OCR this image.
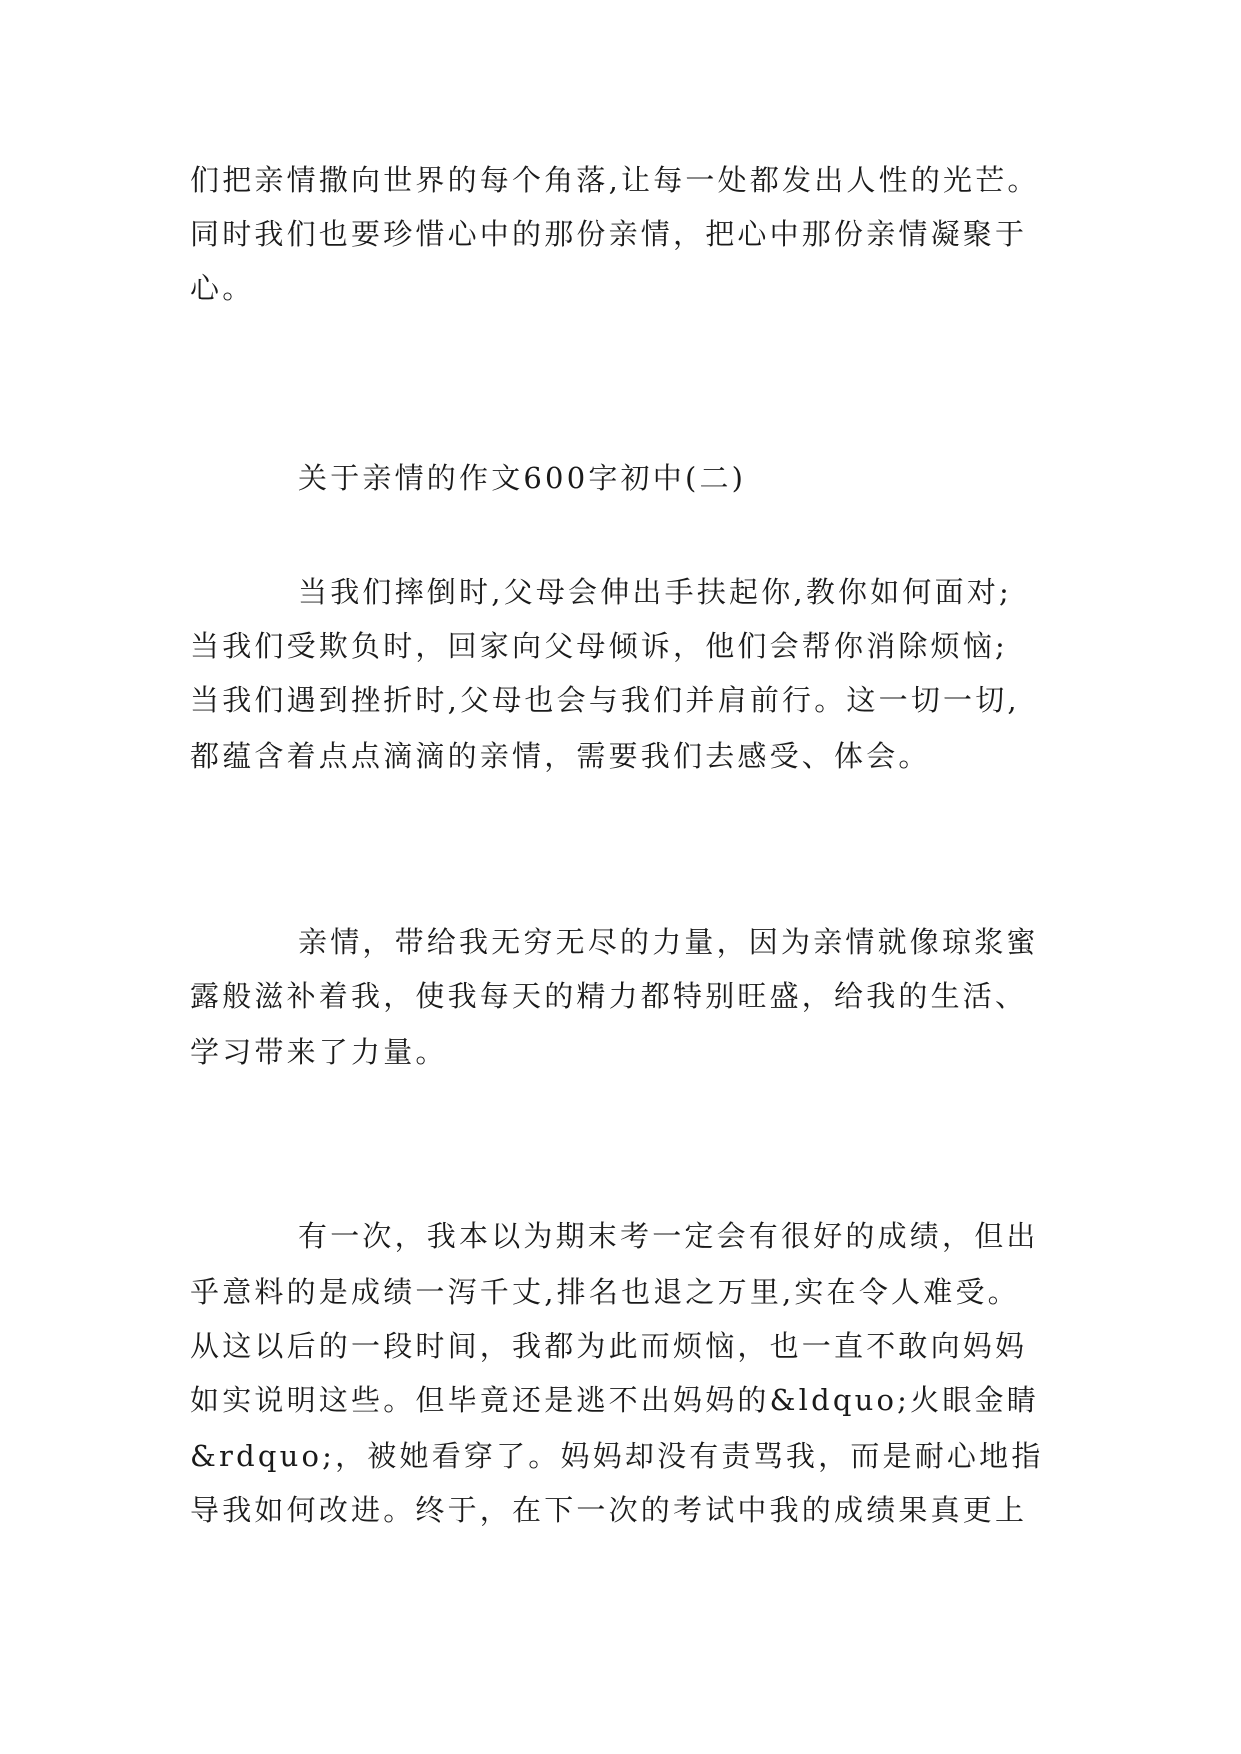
们把亲情撒向世界的每个角落,让每一处都发出人性的光芒。
同时我们也要珍惜心中的那份亲情，把心中那份亲情凝聚于
心。
关于亲情的作文600字初中(二)
当我们摔倒时,父母会伸出手扶起你,教你如何面对;
当我们受欺负时，回家向父母倾诉，他们会帮你消除烦恼;
当我们遇到挫折时,父母也会与我们并肩前行。这一切一切,
都蕴含着点点滴滴的亲情，需要我们去感受、体会。
亲情，带给我无穷无尽的力量，因为亲情就像琼浆蜜
露般滋补着我，使我每天的精力都特别旺盛，给我的生活、
学习带来了力量。
有一次，我本以为期末考一定会有很好的成绩，但出
乎意料的是成绩一泻千丈,排名也退之万里,实在令人难受。
从这以后的一段时间，我都为此而烦恼，也一直不敢向妈妈
如实说明这些。但毕竟还是逃不出妈妈的&ldquo;火眼金睛
&rdquo;，被她看穿了。妈妈却没有责骂我，而是耐心地指
导我如何改进。终于，在下一次的考试中我的成绩果真更上
